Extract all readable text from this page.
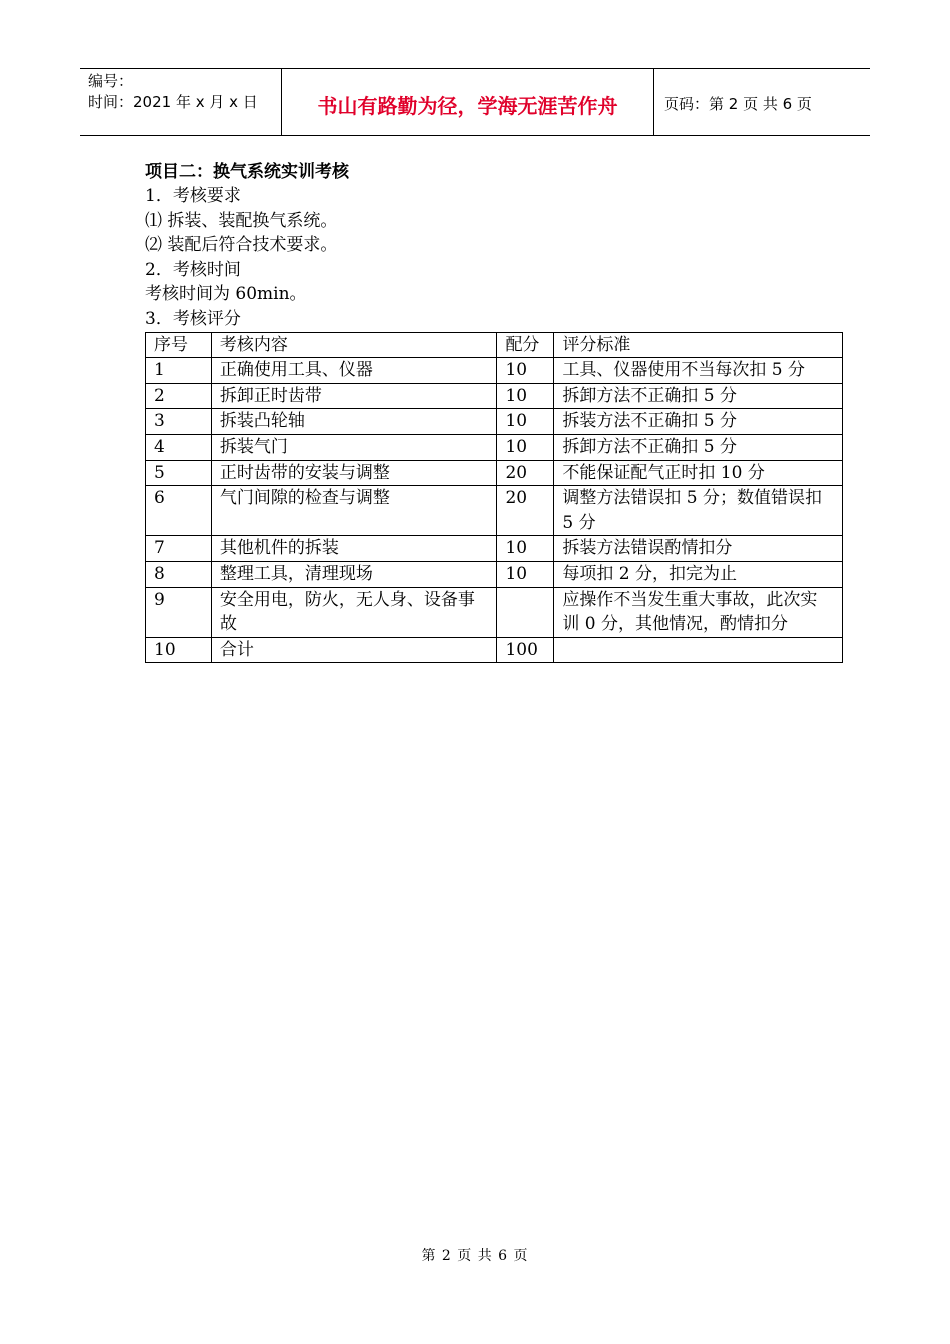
编号：
时间：2021 年 x 月 x 日	书山有路勤为径，学海无涯苦作舟	页码：第 2 页 共 6 页

项目二：换气系统实训考核

1．考核要求

⑴ 拆装、装配换气系统。

⑵ 装配后符合技术要求。

2．考核时间

考核时间为 60min。

3．考核评分

序号	考核内容	配分	评分标准
1	正确使用工具、仪器	10	工具、仪器使用不当每次扣 5 分
2	拆卸正时齿带	10	拆卸方法不正确扣 5 分
3	拆装凸轮轴	10	拆装方法不正确扣 5 分
4	拆装气门	10	拆卸方法不正确扣 5 分
5	正时齿带的安装与调整	20	不能保证配气正时扣 10 分
6	气门间隙的检查与调整	20	调整方法错误扣 5 分；数值错误扣 5 分
7	其他机件的拆装	10	拆装方法错误酌情扣分
8	整理工具，清理现场	10	每项扣 2 分，扣完为止
9	安全用电，防火，无人身、设备事故		应操作不当发生重大事故，此次实训 0 分，其他情况，酌情扣分
10	合计	100	
第 2 页 共 6 页
